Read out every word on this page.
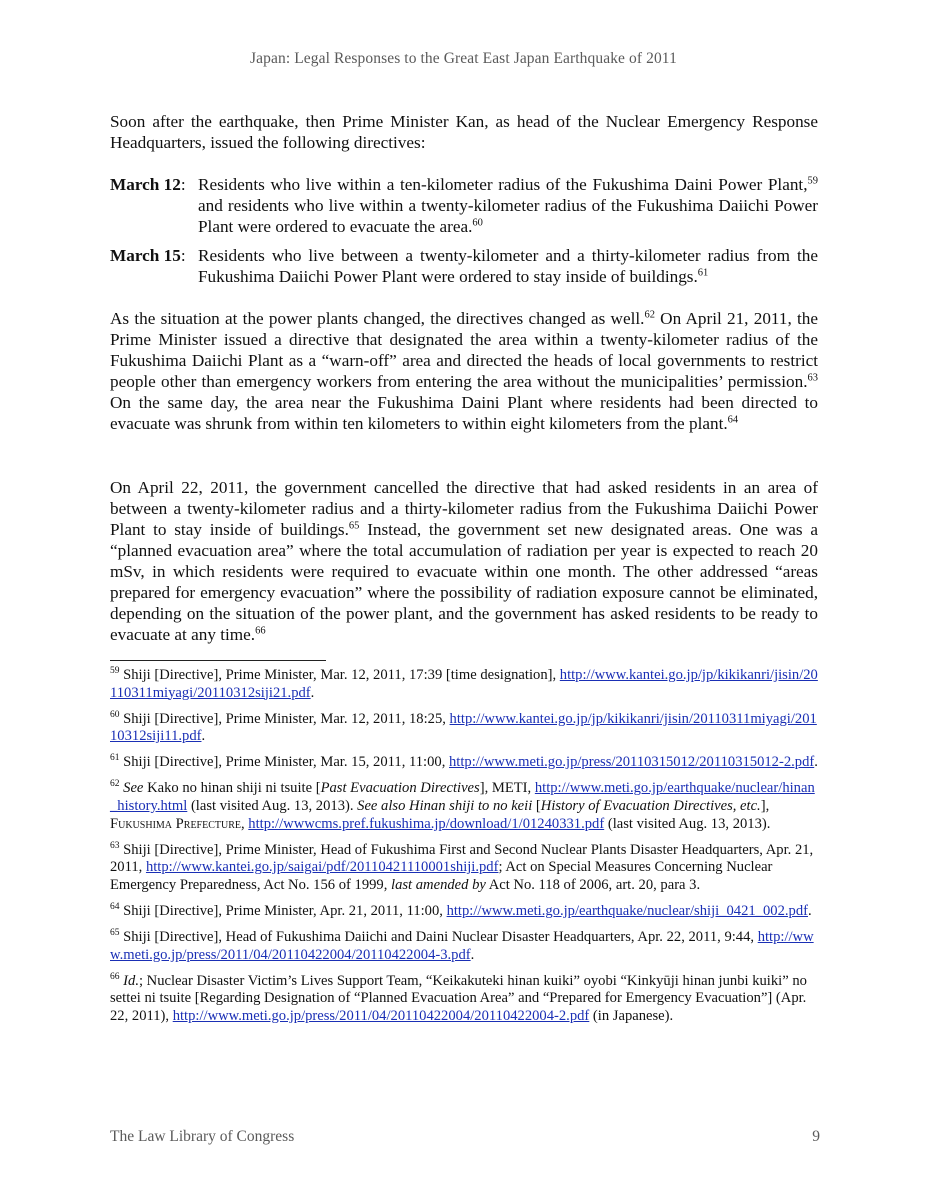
Japan: Legal Responses to the Great East Japan Earthquake of 2011
Soon after the earthquake, then Prime Minister Kan, as head of the Nuclear Emergency Response Headquarters, issued the following directives:
March 12: Residents who live within a ten-kilometer radius of the Fukushima Daini Power Plant,$^{59}$ and residents who live within a twenty-kilometer radius of the Fukushima Daiichi Power Plant were ordered to evacuate the area.$^{60}$
March 15: Residents who live between a twenty-kilometer and a thirty-kilometer radius from the Fukushima Daiichi Power Plant were ordered to stay inside of buildings.$^{61}$
As the situation at the power plants changed, the directives changed as well.$^{62}$ On April 21, 2011, the Prime Minister issued a directive that designated the area within a twenty-kilometer radius of the Fukushima Daiichi Plant as a “warn-off” area and directed the heads of local governments to restrict people other than emergency workers from entering the area without the municipalities’ permission.$^{63}$ On the same day, the area near the Fukushima Daini Plant where residents had been directed to evacuate was shrunk from within ten kilometers to within eight kilometers from the plant.$^{64}$
On April 22, 2011, the government cancelled the directive that had asked residents in an area of between a twenty-kilometer radius and a thirty-kilometer radius from the Fukushima Daiichi Power Plant to stay inside of buildings.$^{65}$ Instead, the government set new designated areas. One was a “planned evacuation area” where the total accumulation of radiation per year is expected to reach 20 mSv, in which residents were required to evacuate within one month. The other addressed “areas prepared for emergency evacuation” where the possibility of radiation exposure cannot be eliminated, depending on the situation of the power plant, and the government has asked residents to be ready to evacuate at any time.$^{66}$
$^{59}$ Shiji [Directive], Prime Minister, Mar. 12, 2011, 17:39 [time designation], http://www.kantei.go.jp/jp/kikikanri/jisin/20110311miyagi/20110312siji21.pdf.
$^{60}$ Shiji [Directive], Prime Minister, Mar. 12, 2011, 18:25, http://www.kantei.go.jp/jp/kikikanri/jisin/20110311miyagi/20110312siji11.pdf.
$^{61}$ Shiji [Directive], Prime Minister, Mar. 15, 2011, 11:00, http://www.meti.go.jp/press/20110315012/20110315012-2.pdf.
$^{62}$ See Kako no hinan shiji ni tsuite [Past Evacuation Directives], METI, http://www.meti.go.jp/earthquake/nuclear/hinan_history.html (last visited Aug. 13, 2013). See also Hinan shiji to no keii [History of Evacuation Directives, etc.], Fukushima Prefecture, http://wwwcms.pref.fukushima.jp/download/1/01240331.pdf (last visited Aug. 13, 2013).
$^{63}$ Shiji [Directive], Prime Minister, Head of Fukushima First and Second Nuclear Plants Disaster Headquarters, Apr. 21, 2011, http://www.kantei.go.jp/saigai/pdf/20110421110001shiji.pdf; Act on Special Measures Concerning Nuclear Emergency Preparedness, Act No. 156 of 1999, last amended by Act No. 118 of 2006, art. 20, para 3.
$^{64}$ Shiji [Directive], Prime Minister, Apr. 21, 2011, 11:00, http://www.meti.go.jp/earthquake/nuclear/shiji_0421_002.pdf.
$^{65}$ Shiji [Directive], Head of Fukushima Daiichi and Daini Nuclear Disaster Headquarters, Apr. 22, 2011, 9:44, http://www.meti.go.jp/press/2011/04/20110422004/20110422004-3.pdf.
$^{66}$ Id.; Nuclear Disaster Victim’s Lives Support Team, “Keikakuteki hinan kuiki” oyobi “Kinkyūji hinan junbi kuiki” no settei ni tsuite [Regarding Designation of “Planned Evacuation Area” and “Prepared for Emergency Evacuation”] (Apr. 22, 2011), http://www.meti.go.jp/press/2011/04/20110422004/20110422004-2.pdf (in Japanese).
The Law Library of Congress	9
